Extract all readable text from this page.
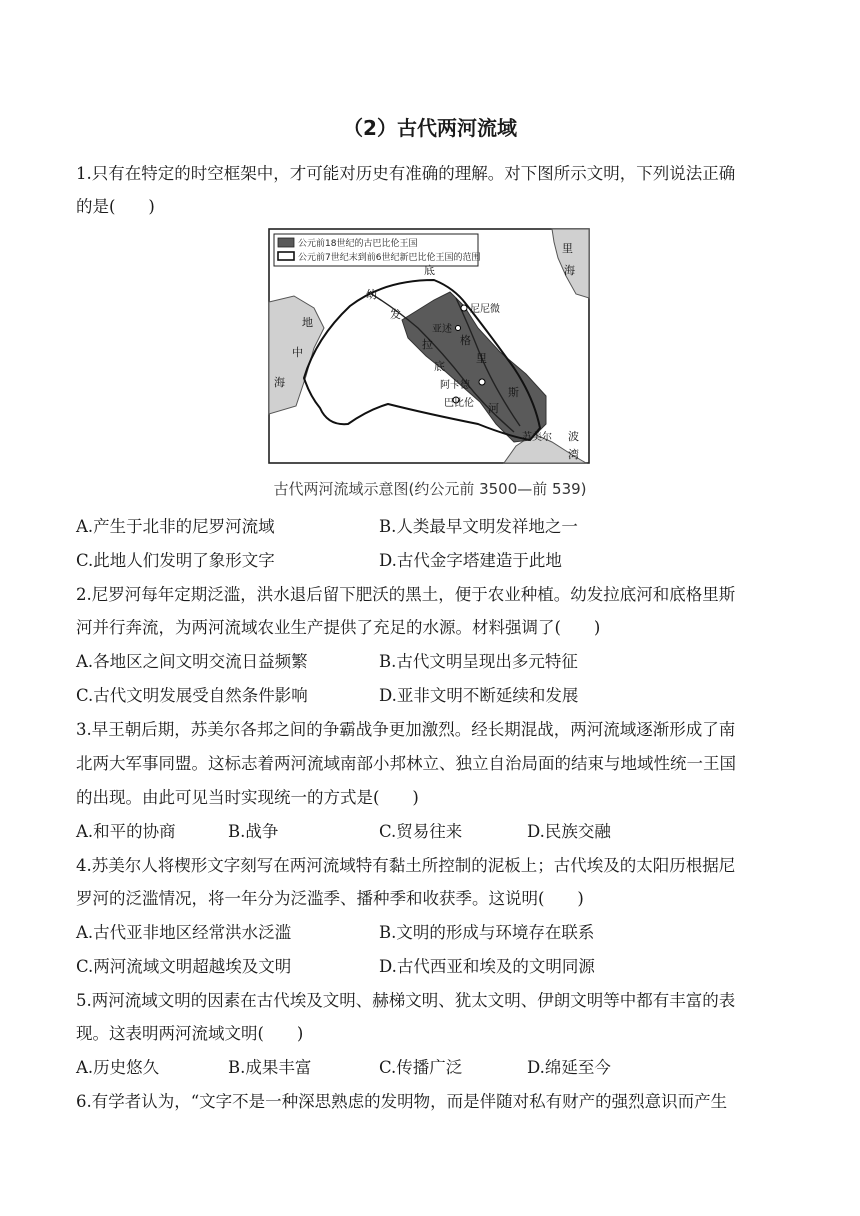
（2）古代两河流域
1.只有在特定的时空框架中，才可能对历史有准确的理解。对下图所示文明，下列说法正确
的是(　　)
公元前18世纪的古巴比伦王国
公元前7世纪末到前6世纪新巴比伦王国的范围
里
海
地
中
海
底
幼
发	尼尼微
亚述
格
拉
底
里
阿卡德
巴比伦 河
斯
苏美尔 波
湾
古代两河流域示意图(约公元前 3500—前 539)
A.产生于北非的尼罗河流域	B.人类最早文明发祥地之一
C.此地人们发明了象形文字	D.古代金字塔建造于此地
2.尼罗河每年定期泛滥，洪水退后留下肥沃的黑土，便于农业种植。幼发拉底河和底格里斯
河并行奔流，为两河流域农业生产提供了充足的水源。材料强调了(　　)
A.各地区之间文明交流日益频繁	B.古代文明呈现出多元特征
C.古代文明发展受自然条件影响	D.亚非文明不断延续和发展
3.早王朝后期，苏美尔各邦之间的争霸战争更加激烈。经长期混战，两河流域逐渐形成了南
北两大军事同盟。这标志着两河流域南部小邦林立、独立自治局面的结束与地域性统一王国
的出现。由此可见当时实现统一的方式是(　　)
A.和平的协商	B.战争	C.贸易往来	D.民族交融
4.苏美尔人将楔形文字刻写在两河流域特有黏土所控制的泥板上；古代埃及的太阳历根据尼
罗河的泛滥情况，将一年分为泛滥季、播种季和收获季。这说明(　　)
A.古代亚非地区经常洪水泛滥	B.文明的形成与环境存在联系
C.两河流域文明超越埃及文明	D.古代西亚和埃及的文明同源
5.两河流域文明的因素在古代埃及文明、赫梯文明、犹太文明、伊朗文明等中都有丰富的表
现。这表明两河流域文明(　　)
A.历史悠久	B.成果丰富	C.传播广泛	D.绵延至今
6.有学者认为，“文字不是一种深思熟虑的发明物，而是伴随对私有财产的强烈意识而产生
